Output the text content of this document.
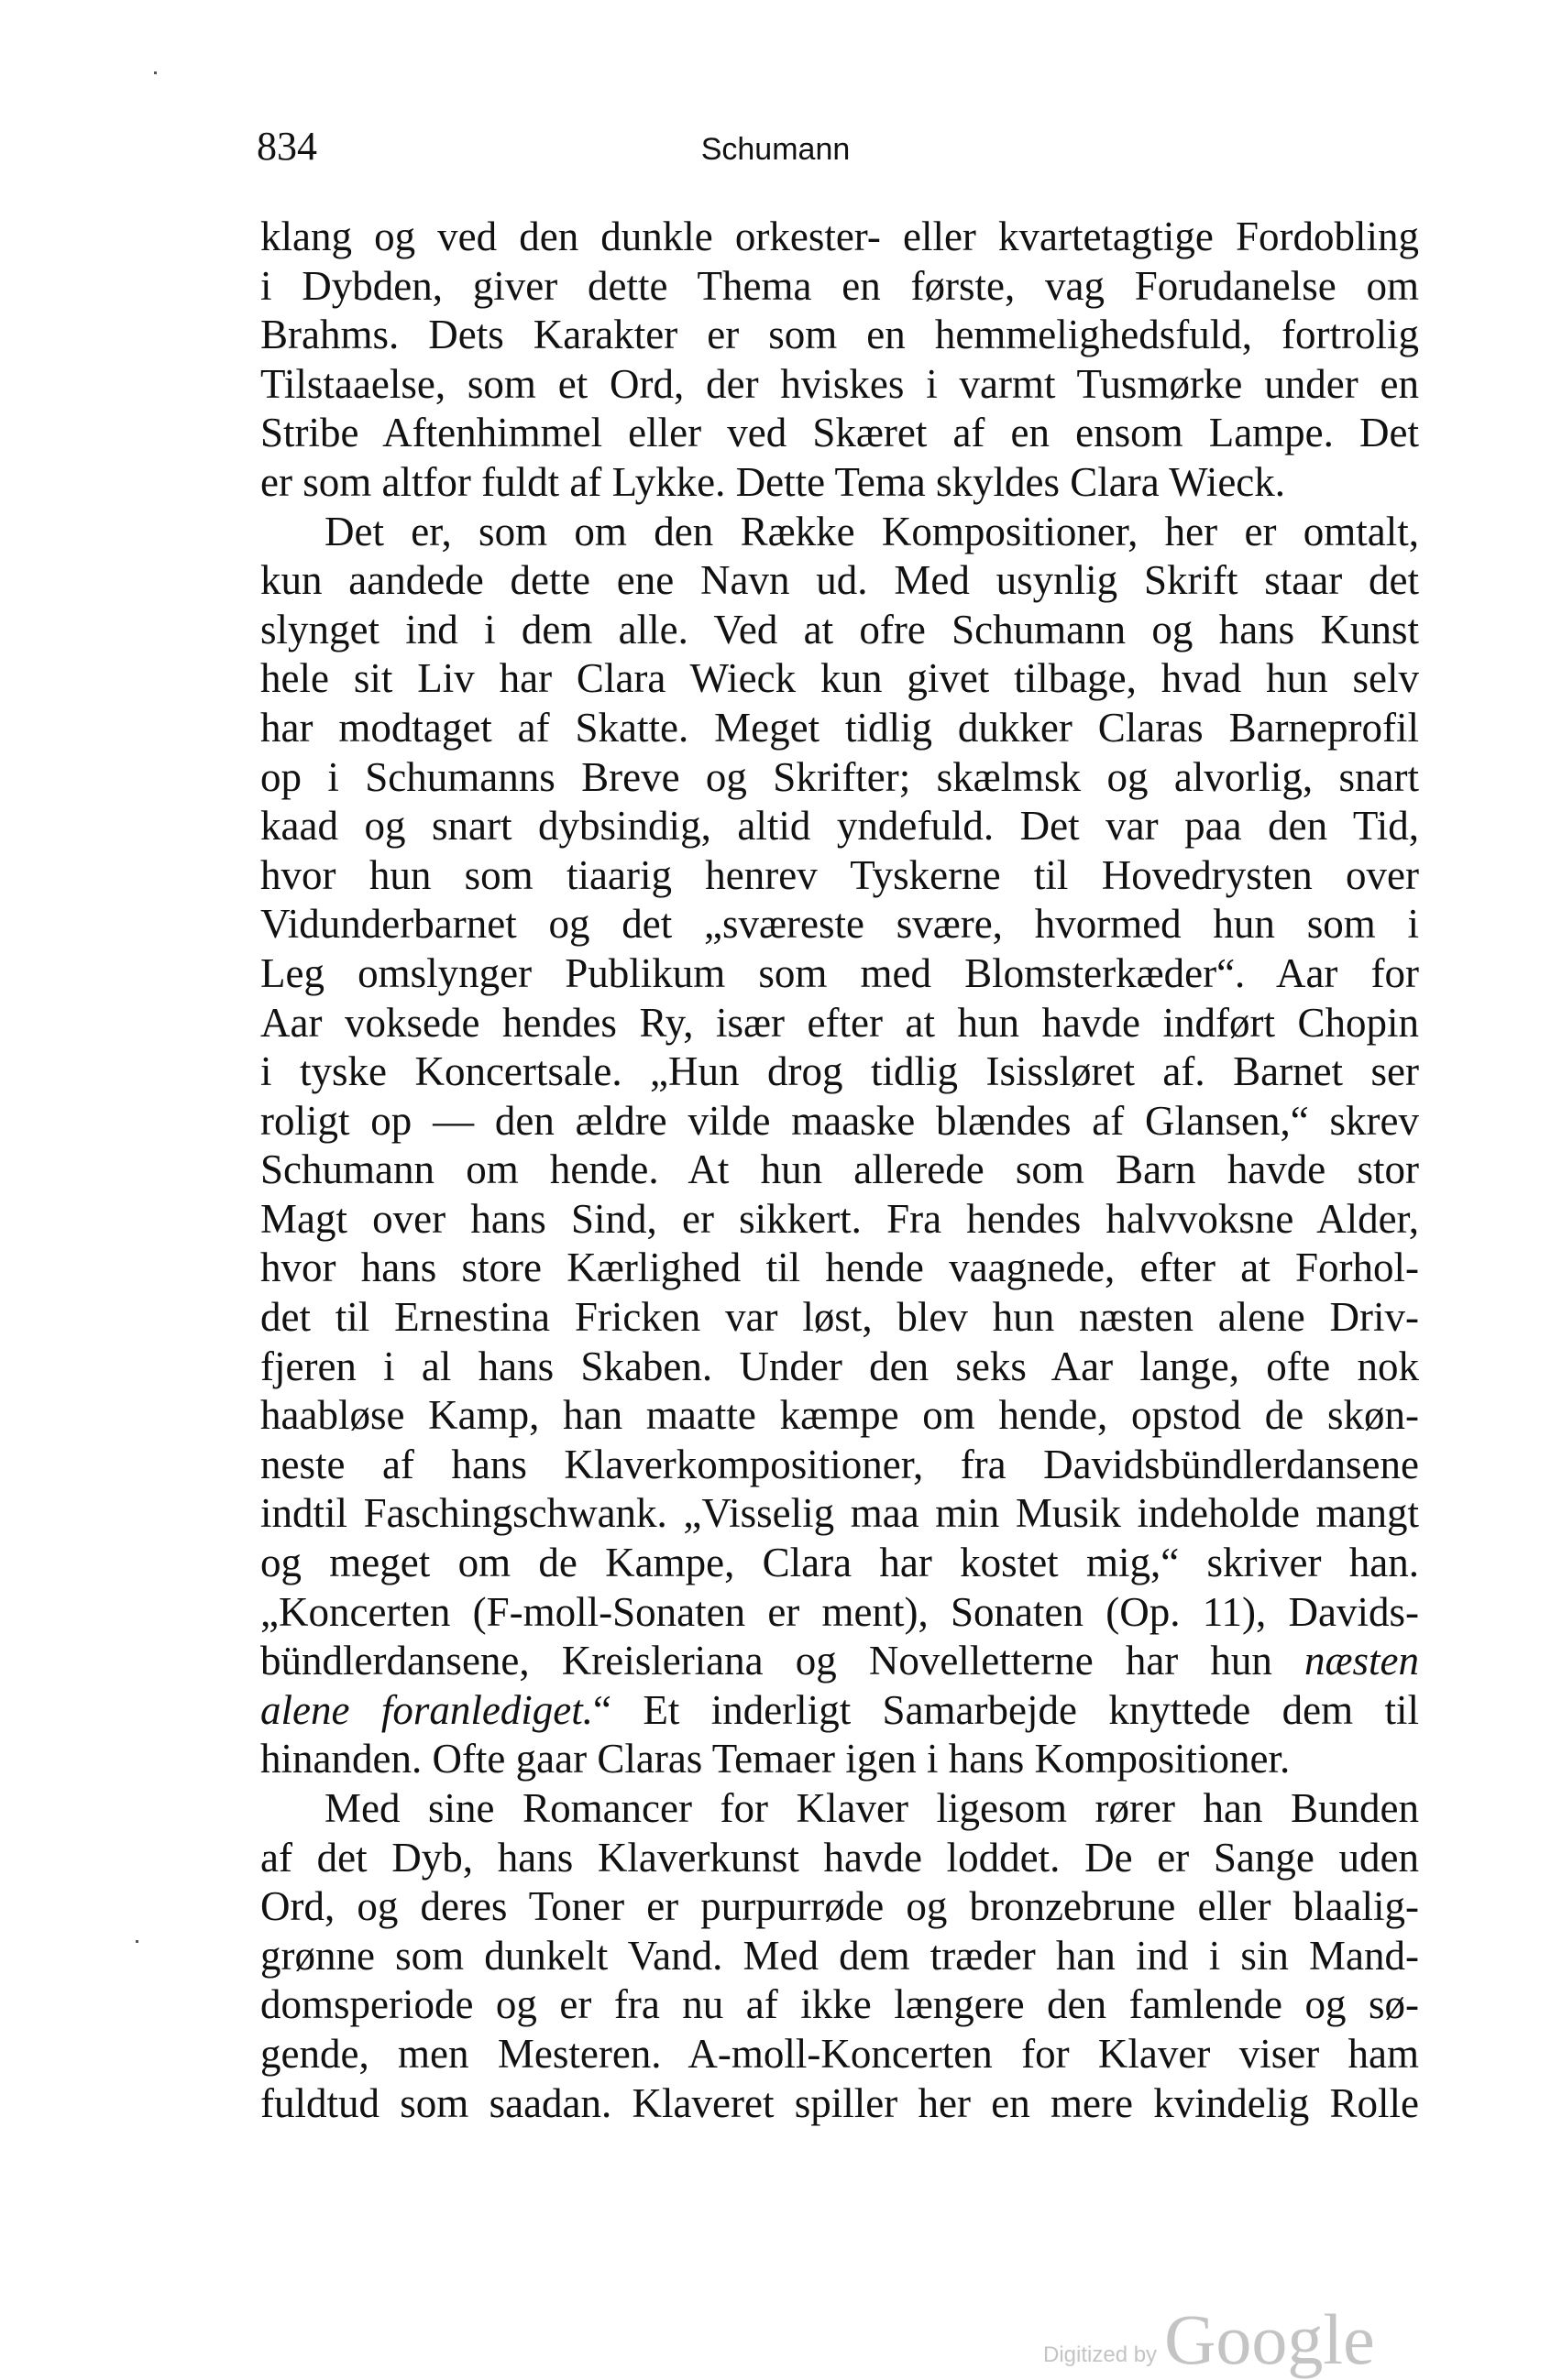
834	Schumann
klang og ved den dunkle orkester- eller kvartetagtige Fordobling
i Dybden, giver dette Thema en første, vag Forudanelse om
Brahms. Dets Karakter er som en hemmelighedsfuld, fortrolig
Tilstaaelse, som et Ord, der hviskes i varmt Tusmørke under en
Stribe Aftenhimmel eller ved Skæret af en ensom Lampe. Det
er som altfor fuldt af Lykke. Dette Tema skyldes Clara Wieck.
Det er, som om den Række Kompositioner, her er omtalt,
kun aandede dette ene Navn ud. Med usynlig Skrift staar det
slynget ind i dem alle. Ved at ofre Schumann og hans Kunst
hele sit Liv har Clara Wieck kun givet tilbage, hvad hun selv
har modtaget af Skatte. Meget tidlig dukker Claras Barneprofil
op i Schumanns Breve og Skrifter; skælmsk og alvorlig, snart
kaad og snart dybsindig, altid yndefuld. Det var paa den Tid,
hvor hun som tiaarig henrev Tyskerne til Hovedrysten over
Vidunderbarnet og det „sværeste svære, hvormed hun som i
Leg omslynger Publikum som med Blomsterkæder“. Aar for
Aar voksede hendes Ry, især efter at hun havde indført Chopin
i tyske Koncertsale. „Hun drog tidlig Isissløret af. Barnet ser
roligt op — den ældre vilde maaske blændes af Glansen,“ skrev
Schumann om hende. At hun allerede som Barn havde stor
Magt over hans Sind, er sikkert. Fra hendes halvvoksne Alder,
hvor hans store Kærlighed til hende vaagnede, efter at Forhol-
det til Ernestina Fricken var løst, blev hun næsten alene Driv-
fjeren i al hans Skaben. Under den seks Aar lange, ofte nok
haabløse Kamp, han maatte kæmpe om hende, opstod de skøn-
neste af hans Klaverkompositioner, fra Davidsbündlerdansene
indtil Faschingschwank. „Visselig maa min Musik indeholde mangt
og meget om de Kampe, Clara har kostet mig,“ skriver han.
„Koncerten (F-moll-Sonaten er ment), Sonaten (Op. 11), Davids-
bündlerdansene, Kreisleriana og Novelletterne har hun næsten
alene foranlediget.“ Et inderligt Samarbejde knyttede dem til
hinanden. Ofte gaar Claras Temaer igen i hans Kompositioner.
Med sine Romancer for Klaver ligesom rører han Bunden
af det Dyb, hans Klaverkunst havde loddet. De er Sange uden
Ord, og deres Toner er purpurrøde og bronzebrune eller blaalig-
grønne som dunkelt Vand. Med dem træder han ind i sin Mand-
domsperiode og er fra nu af ikke længere den famlende og sø-
gende, men Mesteren. A-moll-Koncerten for Klaver viser ham
fuldtud som saadan. Klaveret spiller her en mere kvindelig Rolle
Digitized by Google
